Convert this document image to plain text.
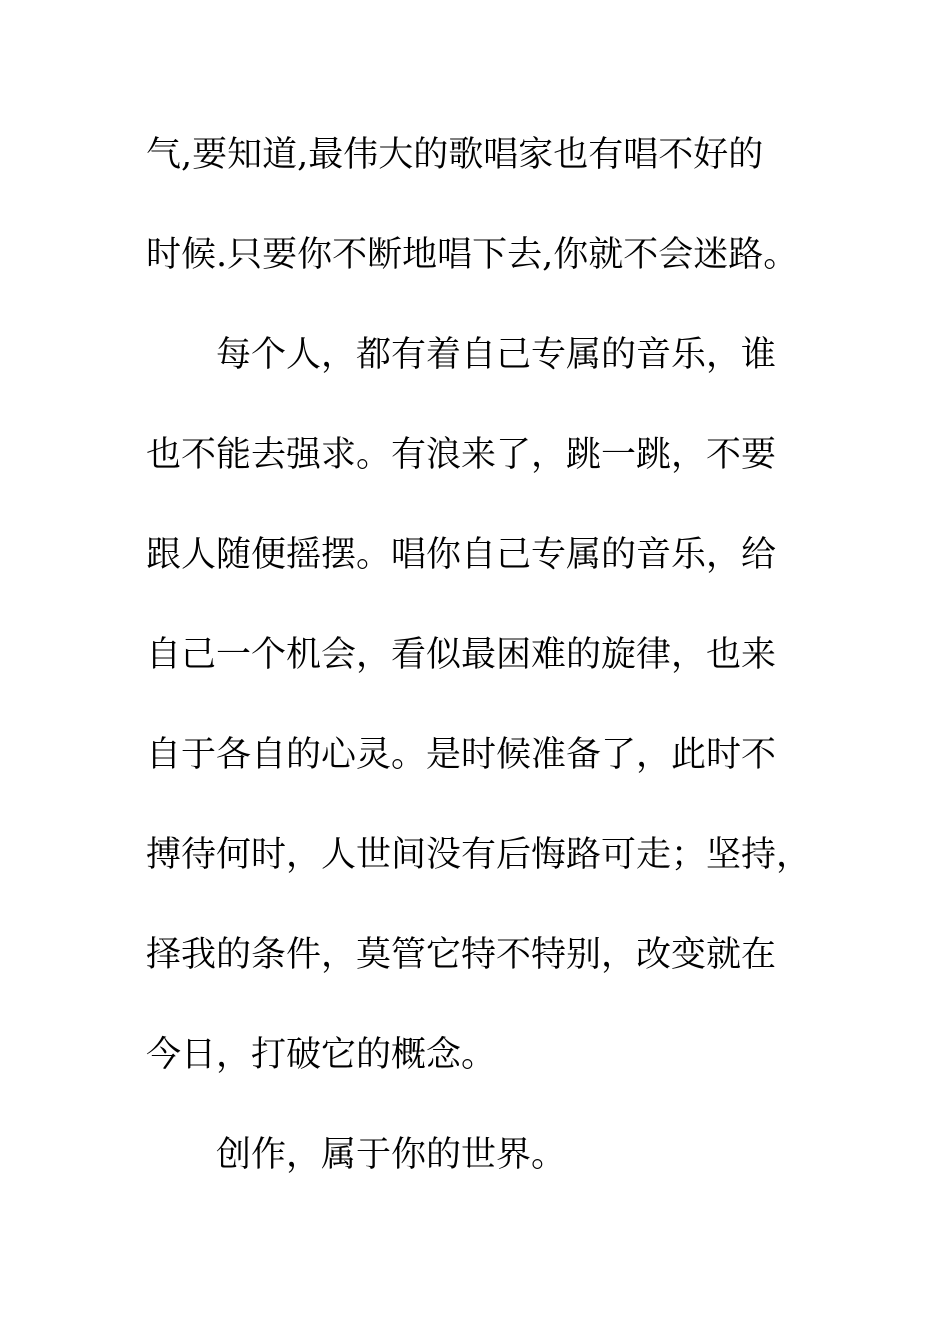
气,要知道,最伟大的歌唱家也有唱不好的
时候.只要你不断地唱下去,你就不会迷路。
每个人，都有着自己专属的音乐，谁
也不能去强求。有浪来了，跳一跳，不要
跟人随便摇摆。唱你自己专属的音乐，给
自己一个机会，看似最困难的旋律，也来
自于各自的心灵。是时候准备了，此时不
搏待何时，人世间没有后悔路可走；坚持，
择我的条件，莫管它特不特别，改变就在
今日，打破它的概念。
创作，属于你的世界。
